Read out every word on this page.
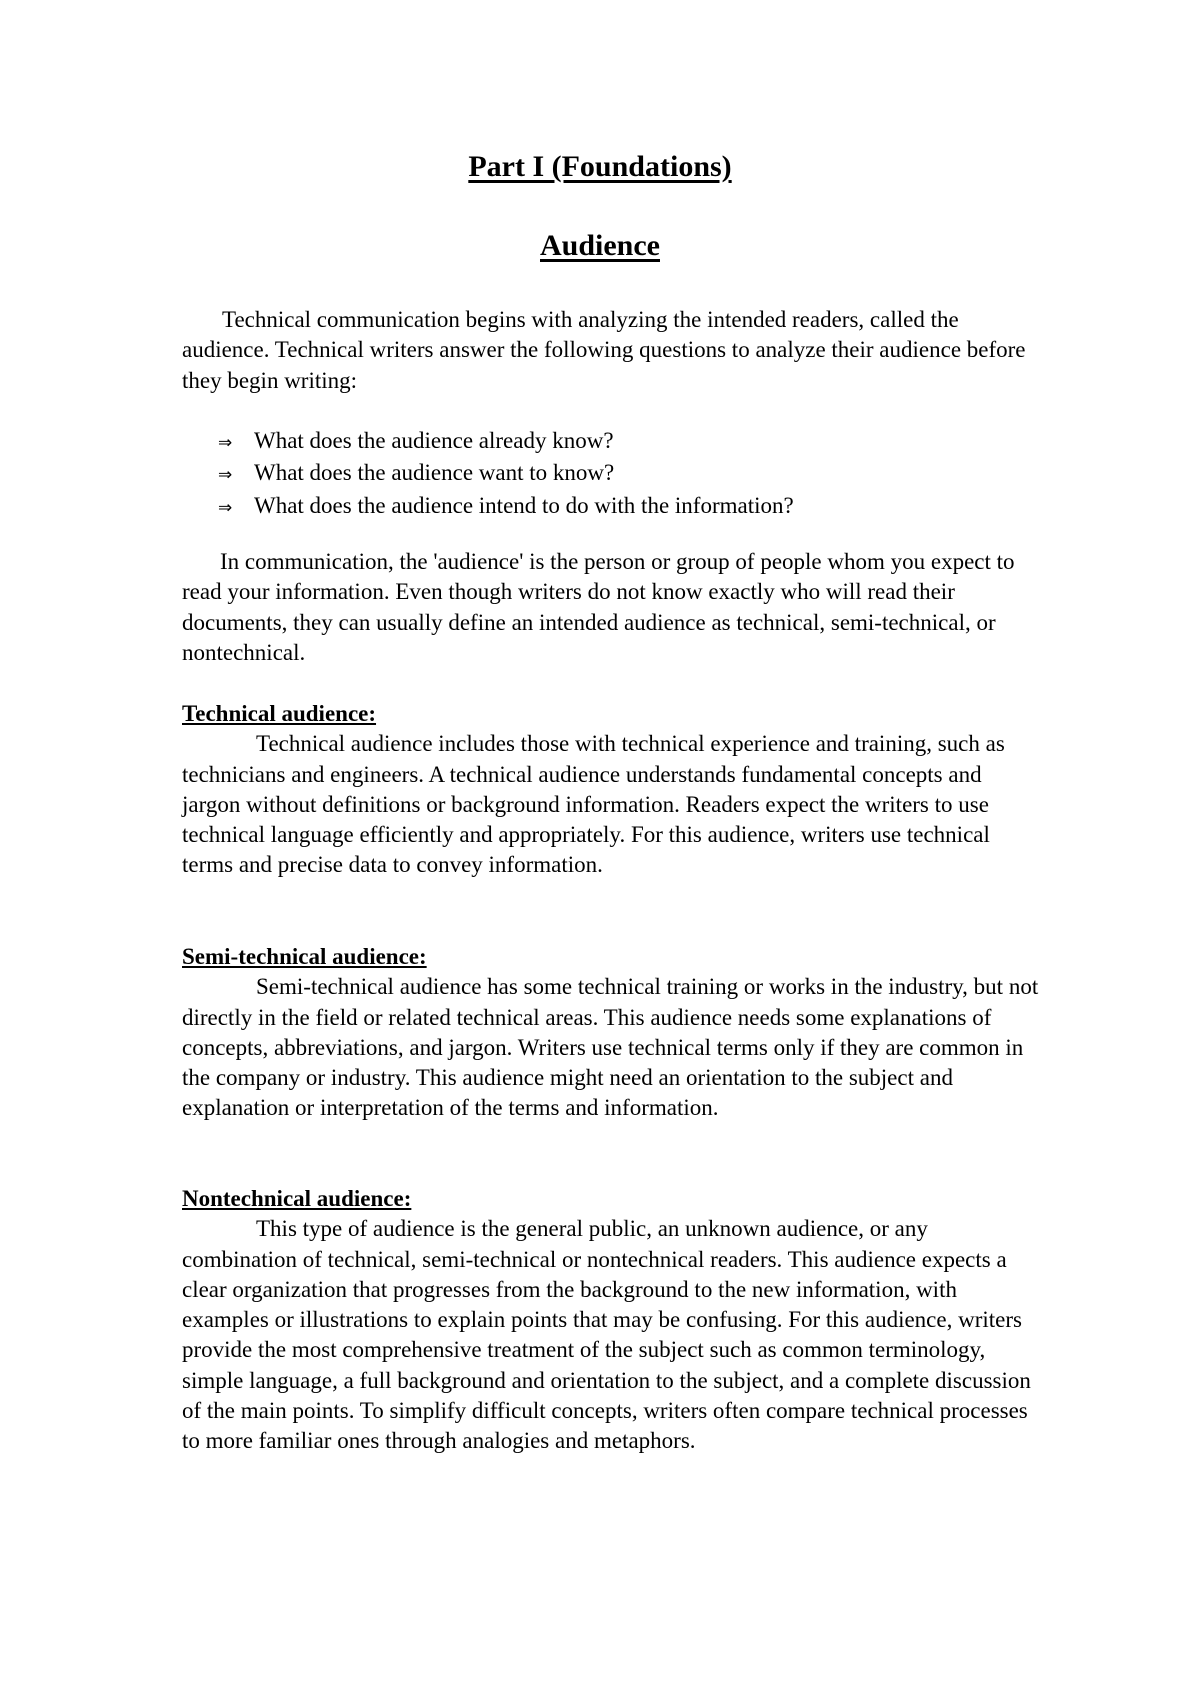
Part I (Foundations)
Audience

Technical communication begins with analyzing the intended readers, called the audience. Technical writers answer the following questions to analyze their audience before they begin writing:

⇒ What does the audience already know?
⇒ What does the audience want to know?
⇒ What does the audience intend to do with the information?

In communication, the 'audience' is the person or group of people whom you expect to read your information. Even though writers do not know exactly who will read their documents, they can usually define an intended audience as technical, semi-technical, or nontechnical.

Technical audience:
Technical audience includes those with technical experience and training, such as technicians and engineers. A technical audience understands fundamental concepts and jargon without definitions or background information. Readers expect the writers to use technical language efficiently and appropriately. For this audience, writers use technical terms and precise data to convey information.
Semi-technical audience:
Semi-technical audience has some technical training or works in the industry, but not directly in the field or related technical areas. This audience needs some explanations of concepts, abbreviations, and jargon. Writers use technical terms only if they are common in the company or industry. This audience might need an orientation to the subject and explanation or interpretation of the terms and information.
Nontechnical audience:
This type of audience is the general public, an unknown audience, or any combination of technical, semi-technical or nontechnical readers. This audience expects a clear organization that progresses from the background to the new information, with examples or illustrations to explain points that may be confusing. For this audience, writers provide the most comprehensive treatment of the subject such as common terminology, simple language, a full background and orientation to the subject, and a complete discussion of the main points. To simplify difficult concepts, writers often compare technical processes to more familiar ones through analogies and metaphors.
